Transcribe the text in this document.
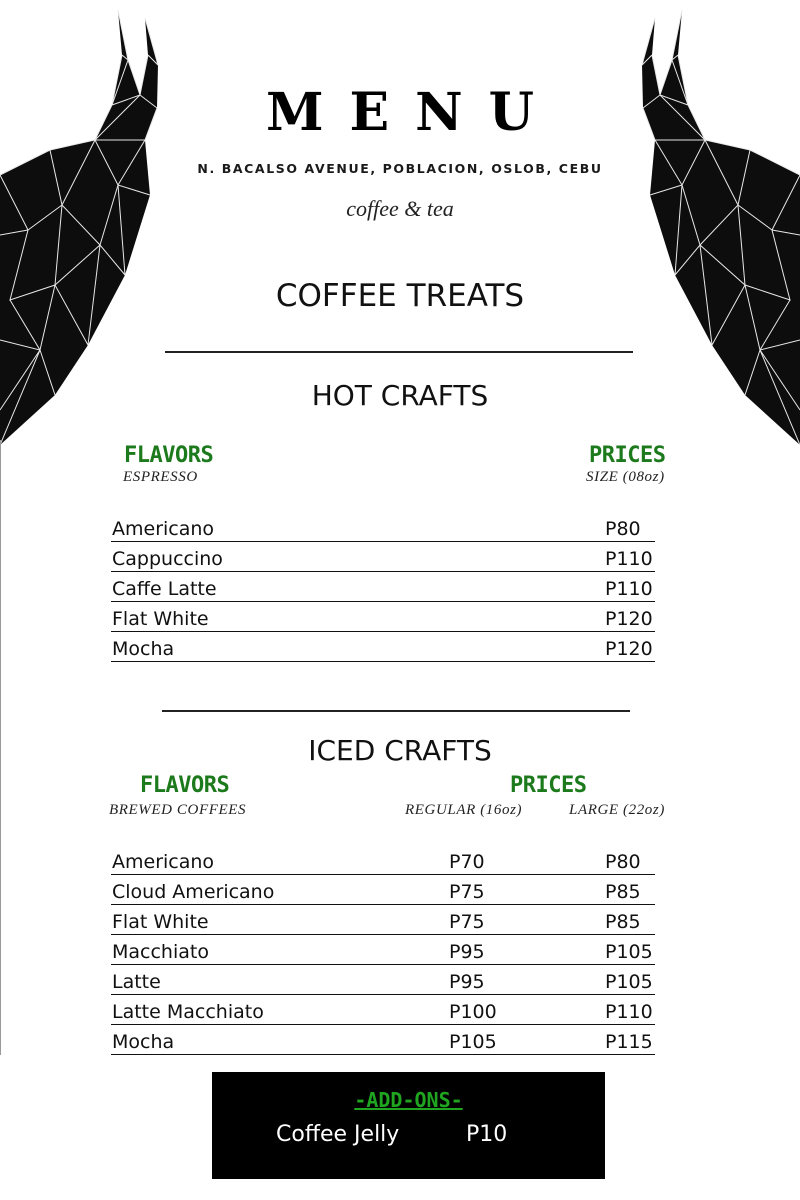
MENU
N. BACALSO AVENUE, POBLACION, OSLOB, CEBU
coffee & tea
COFFEE TREATS
HOT CRAFTS
FLAVORS
ESPRESSO
PRICES
SIZE (08oz)
Americano	P80
Cappuccino	P110
Caffe Latte	P110
Flat White	P120
Mocha	P120
ICED CRAFTS
FLAVORS
BREWED COFFEES
PRICES
REGULAR (16oz)	LARGE (22oz)
Americano	P70	P80
Cloud Americano	P75	P85
Flat White	P75	P85
Macchiato	P95	P105
Latte	P95	P105
Latte Macchiato	P100	P110
Mocha	P105	P115
-ADD-ONS-
Coffee Jelly	P10
